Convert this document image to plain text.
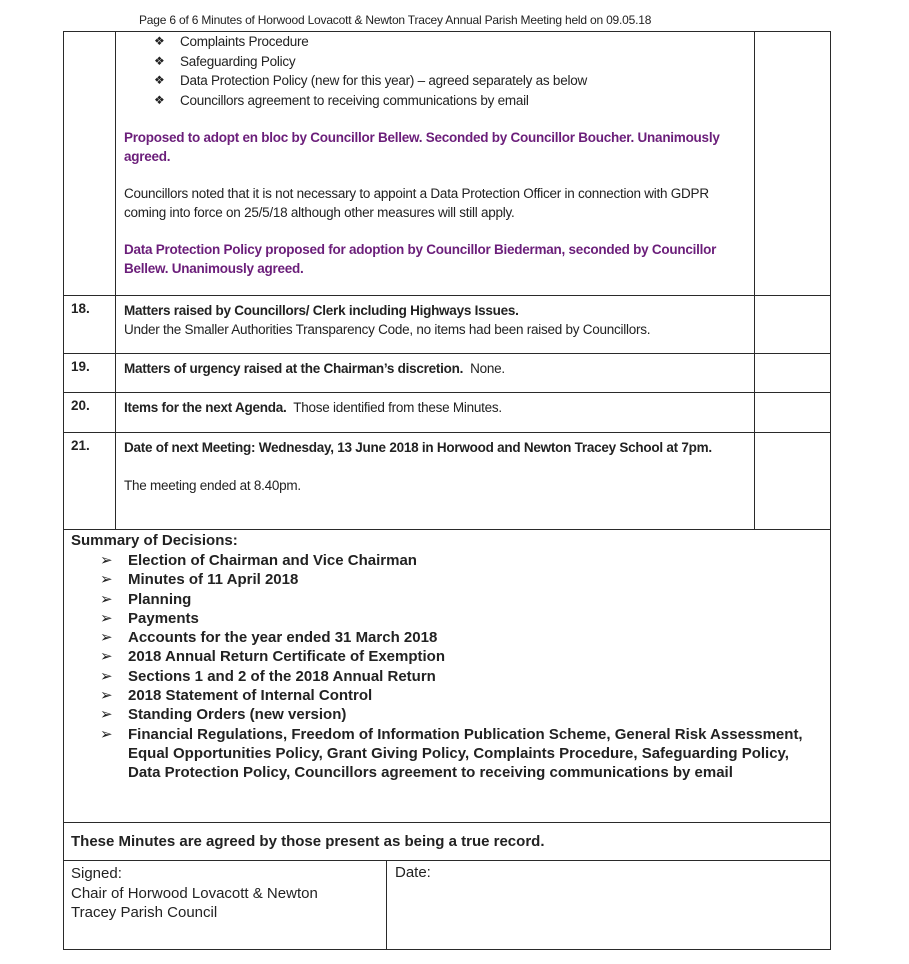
Page 6 of 6 Minutes of Horwood Lovacott & Newton Tracey Annual Parish Meeting held on 09.05.18
❖ Complaints Procedure
❖ Safeguarding Policy
❖ Data Protection Policy (new for this year) – agreed separately as below
❖ Councillors agreement to receiving communications by email

Proposed to adopt en bloc by Councillor Bellew. Seconded by Councillor Boucher. Unanimously agreed.

Councillors noted that it is not necessary to appoint a Data Protection Officer in connection with GDPR coming into force on 25/5/18 although other measures will still apply.

Data Protection Policy proposed for adoption by Councillor Biederman, seconded by Councillor Bellew. Unanimously agreed.

18.	Matters raised by Councillors/ Clerk including Highways Issues.

Under the Smaller Authorities Transparency Code, no items had been raised by Councillors.

19.	Matters of urgency raised at the Chairman’s discretion.  None.

20.	Items for the next Agenda.  Those identified from these Minutes.

21.	Date of next Meeting: Wednesday, 13 June 2018 in Horwood and Newton Tracey School at 7pm.

The meeting ended at 8.40pm.

Summary of Decisions:
➢ Election of Chairman and Vice Chairman
➢ Minutes of 11 April 2018
➢ Planning
➢ Payments
➢ Accounts for the year ended 31 March 2018
➢ 2018 Annual Return Certificate of Exemption
➢ Sections 1 and 2 of the 2018 Annual Return
➢ 2018 Statement of Internal Control
➢ Standing Orders (new version)
➢ Financial Regulations, Freedom of Information Publication Scheme, General Risk Assessment, Equal Opportunities Policy, Grant Giving Policy, Complaints Procedure, Safeguarding Policy, Data Protection Policy, Councillors agreement to receiving communications by email
These Minutes are agreed by those present as being a true record.
Signed:
Chair of Horwood Lovacott & Newton
Tracey Parish Council
Date:
